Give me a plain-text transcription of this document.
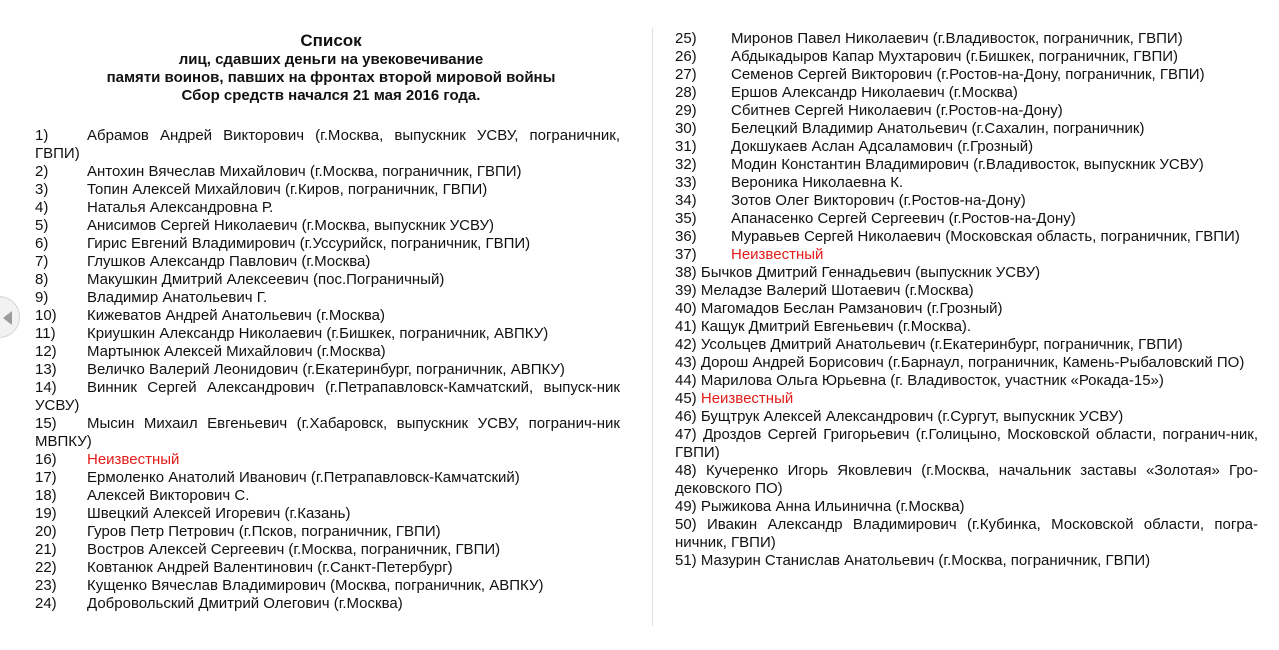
Список
лиц, сдавших деньги на увековечивание
памяти воинов, павших на фронтах второй мировой войны
Сбор средств начался 21 мая 2016 года.
1)	Абрамов Андрей Викторович (г.Москва, выпускник УСВУ, пограничник, ГВПИ)
2)	Антохин Вячеслав Михайлович (г.Москва, пограничник, ГВПИ)
3)	Топин Алексей Михайлович (г.Киров, пограничник, ГВПИ)
4)	Наталья Александровна Р.
5)	Анисимов Сергей Николаевич (г.Москва, выпускник УСВУ)
6)	Гирис Евгений Владимирович (г.Уссурийск, пограничник, ГВПИ)
7)	Глушков Александр Павлович (г.Москва)
8)	Макушкин Дмитрий Алексеевич (пос.Пограничный)
9)	Владимир Анатольевич Г.
10) Кижеватов Андрей Анатольевич (г.Москва)
11) Криушкин Александр Николаевич (г.Бишкек, пограничник, АВПКУ)
12) Мартынюк Алексей Михайлович (г.Москва)
13) Величко Валерий Леонидович (г.Екатеринбург, пограничник, АВПКУ)
14) Винник Сергей Александрович (г.Петрапавловск-Камчатский, выпуск-ник УСВУ)
15) Мысин Михаил Евгеньевич (г.Хабаровск, выпускник УСВУ, погранич-ник МВПКУ)
16) Неизвестный
17) Ермоленко Анатолий Иванович (г.Петрапавловск-Камчатский)
18) Алексей Викторович С.
19) Швецкий Алексей Игоревич (г.Казань)
20) Гуров Петр Петрович (г.Псков, пограничник, ГВПИ)
21) Востров Алексей Сергеевич (г.Москва, пограничник, ГВПИ)
22) Ковтанюк Андрей Валентинович (г.Санкт-Петербург)
23) Кущенко Вячеслав Владимирович (Москва, пограничник, АВПКУ)
24) Добровольский Дмитрий Олегович (г.Москва)
25) Миронов Павел Николаевич (г.Владивосток, пограничник, ГВПИ)
26) Абдыкадыров Капар Мухтарович (г.Бишкек, пограничник, ГВПИ)
27) Семенов Сергей Викторович (г.Ростов-на-Дону, пограничник, ГВПИ)
28) Ершов Александр Николаевич (г.Москва)
29) Сбитнев Сергей Николаевич (г.Ростов-на-Дону)
30) Белецкий Владимир Анатольевич (г.Сахалин, пограничник)
31) Докшукаев Аслан Адсаламович (г.Грозный)
32) Модин Константин Владимирович (г.Владивосток, выпускник УСВУ)
33) Вероника Николаевна К.
34) Зотов Олег Викторович (г.Ростов-на-Дону)
35) Апанасенко Сергей Сергеевич (г.Ростов-на-Дону)
36) Муравьев Сергей Николаевич (Московская область, пограничник, ГВПИ)
37) Неизвестный
38) Бычков Дмитрий Геннадьевич (выпускник УСВУ)
39) Меладзе Валерий Шотаевич (г.Москва)
40) Магомадов Беслан Рамзанович (г.Грозный)
41) Кащук Дмитрий Евгеньевич (г.Москва).
42) Усольцев Дмитрий Анатольевич (г.Екатеринбург, пограничник, ГВПИ)
43) Дорош Андрей Борисович (г.Барнаул, пограничник, Камень-Рыбаловский ПО)
44) Марилова Ольга Юрьевна (г. Владивосток, участник «Рокада-15»)
45) Неизвестный
46) Бущтрук Алексей Александрович (г.Сургут, выпускник УСВУ)
47) Дроздов Сергей Григорьевич (г.Голицыно, Московской области, погранич-ник, ГВПИ)
48) Кучеренко Игорь Яковлевич (г.Москва, начальник заставы «Золотая» Гро-дековского ПО)
49) Рыжикова Анна Ильинична (г.Москва)
50) Ивакин Александр Владимирович (г.Кубинка, Московской области, погра-ничник, ГВПИ)
51) Мазурин Станислав Анатольевич (г.Москва, пограничник, ГВПИ)
